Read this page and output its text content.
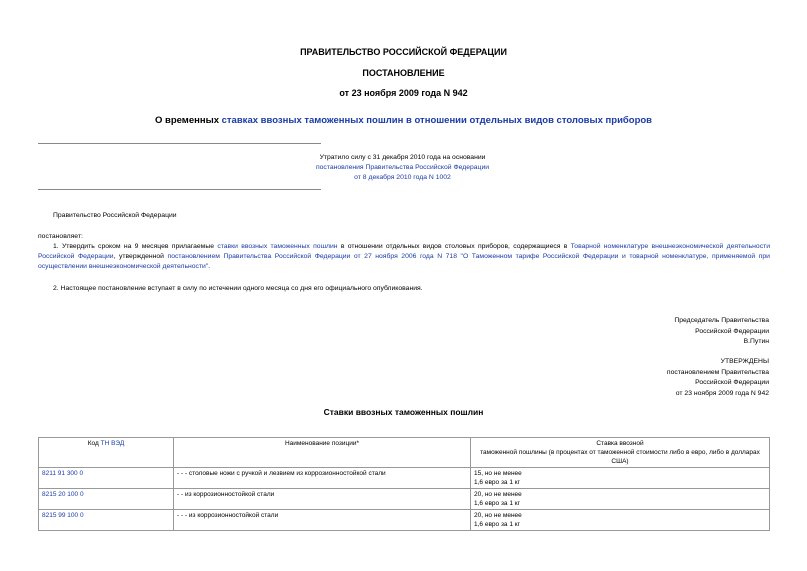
ПРАВИТЕЛЬСТВО РОССИЙСКОЙ ФЕДЕРАЦИИ
ПОСТАНОВЛЕНИЕ
от 23 ноября 2009 года N 942
О временных ставках ввозных таможенных пошлин в отношении отдельных видов столовых приборов
Утратило силу с 31 декабря 2010 года на основании
постановления Правительства Российской Федерации
от 8 декабря 2010 года N 1002
Правительство Российской Федерации
постановляет:
1. Утвердить сроком на 9 месяцев прилагаемые ставки ввозных таможенных пошлин в отношении отдельных видов столовых приборов, содержащиеся в Товарной номенклатуре внешнеэкономической деятельности Российской Федерации, утвержденной постановлением Правительства Российской Федерации от 27 ноября 2006 года N 718 "О Таможенном тарифе Российской Федерации и товарной номенклатуре, применяемой при осуществлении внешнеэкономической деятельности".
2. Настоящее постановление вступает в силу по истечении одного месяца со дня его официального опубликования.
Председатель Правительства
Российской Федерации
В.Путин
УТВЕРЖДЕНЫ
постановлением Правительства
Российской Федерации
от 23 ноября 2009 года N 942
Ставки ввозных таможенных пошлин
Код ТН ВЭД	Наименование позиции*	Ставка ввозной
таможенной пошлины (в процентах от таможенной стоимости либо в евро, либо в долларах США)

8211 91 300 0	- - - столовые ножи с ручкой и лезвием из коррозионностойкой стали	15, но не менее
1,6 евро за 1 кг

8215 20 100 0	- - из коррозионностойкой стали	20, но не менее
1,6 евро за 1 кг

8215 99 100 0	- - - из коррозионностойкой стали	20, но не менее
1,6 евро за 1 кг
